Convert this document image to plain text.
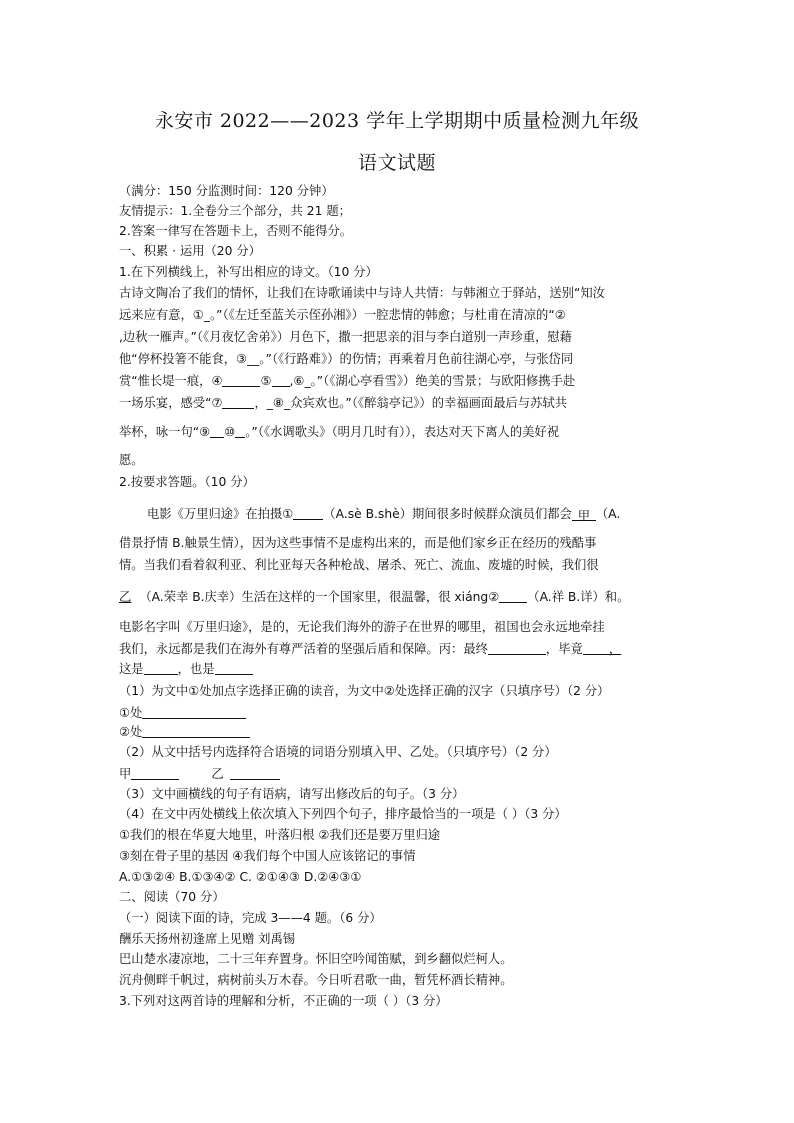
永安市 2022——2023 学年上学期期中质量检测九年级
语文试题
（满分：150 分监测时间：120 分钟）
友情提示：1.全卷分三个部分，共 21 题；
2.答案一律写在答题卡上，否则不能得分。
一、积累 · 运用（20 分）
1.在下列横线上，补写出相应的诗文。（10 分）
古诗文陶冶了我们的情怀，让我们在诗歌诵读中与诗人共情：与韩湘立于驿站，送别“知汝
远来应有意，①_。”（《左迁至蓝关示侄孙湘》）一腔悲情的韩愈；与杜甫在清凉的“②
,边秋一雁声。”（《月夜忆舍弟》）月色下，撒一把思亲的泪与李白道别一声珍重，慰藉
他“停杯投箸不能食，③__。”（《行路难》）的伤情；再乘着月色前往湖心亭，与张岱同
赏“惟长堤一痕，④	⑤ ,⑥_。”（《湖心亭看雪》）绝美的雪景；与欧阳修携手赴
一场乐宴，感受“⑦	，_⑧_众宾欢也。”（《醉翁亭记》）的幸福画面最后与苏轼共
举杯，咏一句“⑨ ⑩ 。”（《水调歌头》（明月几时有）），表达对天下离人的美好祝
愿。
2.按要求答题。（10 分）
电影《万里归途》在拍摄① （A.sè B.shè）期间很多时候群众演员们都会 甲 （A.
借景抒情 B.触景生情），因为这些事情不是虚构出来的，而是他们家乡正在经历的残酷事
情。当我们看着叙利亚、利比亚每天各种枪战、屠杀、死亡、流血、废墟的时候，我们很
乙 （A.荣幸 B.庆幸）生活在这样的一个国家里，很温馨，很 xiáng② （A.祥 B.详）和。
电影名字叫《万里归途》，是的，无论我们海外的游子在世界的哪里，祖国也会永远地牵挂
我们，永远都是我们在海外有尊严活着的坚强后盾和保障。丙：最终	，毕竟 ，
这是	，也是
（1）为文中①处加点字选择正确的读音，为文中②处选择正确的汉字（只填序号）（2 分）
①处
②处
（2）从文中括号内选择符合语境的词语分别填入甲、乙处。（只填序号）（2 分）
甲	乙
（3）文中画横线的句子有语病，请写出修改后的句子。（3 分）
（4）在文中丙处横线上依次填入下列四个句子，排序最恰当的一项是（ ）（3 分）
①我们的根在华夏大地里，叶落归根 ②我们还是要万里归途
③刻在骨子里的基因 ④我们每个中国人应该铭记的事情
A.①③②④ B.①③④② C. ②①④③ D.②④③①
二、阅读（70 分）
（一）阅读下面的诗，完成 3——4 题。（6 分）
酬乐天扬州初逢席上见赠 刘禹锡
巴山楚水凄凉地，二十三年弃置身。怀旧空吟闻笛赋，到乡翻似烂柯人。
沉舟侧畔千帆过，病树前头万木春。今日听君歌一曲，暂凭杯酒长精神。
3.下列对这两首诗的理解和分析，不正确的一项（ ）（3 分）
